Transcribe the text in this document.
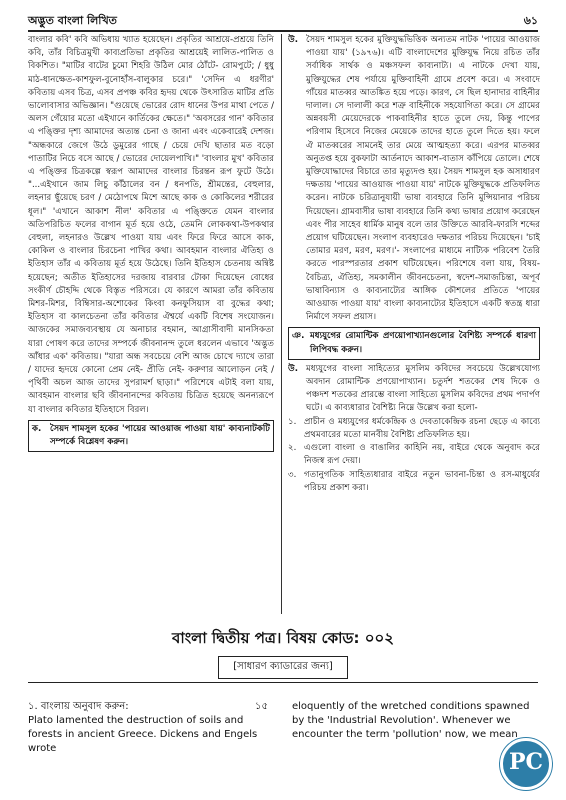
অদ্ভুত বাংলা লিখিত	৬১

বাংলার কবি' কবি অভিধায় খ্যাত হয়েছেন। প্রকৃতির আশ্রয়ে-প্রশ্রয়ে তিনি কবি, তাঁর বিচিত্রমুখী কাব্যপ্রতিভা প্রকৃতির আশ্রয়েই লালিত-পালিত ও বিকশিত। "মাটির বাটের চুমো শিহরি উঠিল মোর ঠোঁটে- রোমপুটে; / ধুধু মাঠ-ধানক্ষেত-কাশফুল-বুনোহাঁস-বালুকার চরে।" 'সেদিন এ ধরণীর' কবিতায় এসব চিত্র, এসব প্রপঞ্চ কবির হৃদয় থেকে উৎসারিত মাটির প্রতি ভালোবাসার অভিজ্ঞান। "গুয়েছে ভোরের রোদ ধানের উপর মাথা পেতে / অলস গেঁয়োর মতো এইখানে কার্তিকের ক্ষেতে।" 'অবসরের গান' কবিতার এ পঙ্ক্তির দৃশ্য আমাদের অত্যন্ত চেনা ও জানা এবং একেবারেই দেশজ। "অন্ধকারে জেগে উঠে ডুমুরের গাছে / চেয়ে দেখি ছাতার মত বড়ো পাতাটির নিচে বসে আছে / ভোরের দোয়েলপাখি।" 'বাংলার মুখ' কবিতার এ পঙ্ক্তির চিত্রকল্পে স্বরূপ আমাদের বাংলার চিরন্তন রূপ ফুটে উঠে। "...এইখানে জাম লিচু কাঁঠালের বন / ধনপতি, শ্রীমন্তের, বেহুলার, লহনার ছুঁয়েছে চরণ / মেঠোপথে মিশে আছে কাক ও কোকিলের শরীরের ধূল।" 'এখানে আকাশ নীল' কবিতার এ পঙ্ক্তিতে যেমন বাংলার অতিপরিচিত ফলের বাগান মূর্ত হয়ে ওঠে, তেমনি লোককথা-উপকথার বেহুলা, লহনারও উল্লেখ পাওয়া যায় এবং ফিরে ফিরে আসে কাক, কোকিল ও বাংলার চিরচেনা পাখির কথা। আবহমান বাংলার ঐতিহ্য ও ইতিহাস তাঁর এ কবিতায় মূর্ত হয়ে উঠেছে। তিনি ইতিহাস চেতনায় অন্বিষ্ট হয়েছেন; অতীত ইতিহাসের দরজায় বারবার টোকা দিয়েছেন বোধের সংকীর্ণ চৌহদ্দি থেকে বিস্তৃত পরিসরে। যে কারণে আমরা তাঁর কবিতায় মিশর-মিশর, বিম্বিসার-অশোকের কিংবা কনফুসিয়াস বা বুদ্ধের কথা; ইতিহাস বা কালচেতনা তাঁর কবিতার ঐশ্বর্যে একটি বিশেষ সংযোজন। আজকের সমাজব্যবস্থায় যে অনাচার বহমান, আগ্রাসীবাদী মানসিকতা যারা পোষণ করে তাদের সম্পর্কে জীবনানন্দ তুলে ধরলেন এভাবে 'অদ্ভুত আঁধার এক' কবিতায়। "যারা অন্ধ সবচেয়ে বেশি আজ চোখে দ্যাখে তারা / যাদের হৃদয়ে কোনো প্রেম নেই- প্রীতি নেই- করুণার আলোড়ন নেই / পৃথিবী অচল আজ তাদের সুপরামর্শ ছাড়া।" পরিশেষে এটাই বলা যায়, আবহমান বাংলার ছবি জীবনানন্দের কবিতায় চিত্রিত হয়েছে অনন্যরূপে যা বাংলার কবিতার ইতিহাসে বিরল।

ক.	সৈয়দ শামসুল হকের 'পায়ের আওয়াজ পাওয়া যায়' কাব্যনাটকটি সম্পর্কে বিশ্লেষণ করুন।
উ. সৈয়দ শামসুল হকের মুক্তিযুদ্ধভিত্তিক অন্যতম নাটক 'পায়ের আওয়াজ পাওয়া যায়' (১৯৭৬)। এটি বাংলাদেশের মুক্তিযুদ্ধ নিয়ে রচিত তাঁর সর্বাধিক সার্থক ও মঞ্চসফল কাব্যনাট্য। এ নাটকে দেখা যায়, মুক্তিযুদ্ধের শেষ পর্যায়ে মুক্তিবাহিনী গ্রামে প্রবেশ করে। এ সংবাদে গাঁয়ের মাতব্বর আতঙ্কিত হয়ে পড়ে। কারণ, সে ছিল হানাদার বাহিনীর দালাল। সে দালালী করে শত্রু বাহিনীকে সহযোগিতা করে। সে গ্রামের অন্নবয়সী মেয়েদেরকে পাকবাহিনীর হাতে তুলে দেয়, কিন্তু পাপের পরিণাম হিসেবে নিজের মেয়েকে তাদের হাতে তুলে দিতে হয়। ফলে ঐ মাতব্বরের সামনেই তার মেয়ে আত্মহত্যা করে। এরপর মাতব্বর অনুতপ্ত হয়ে বুকফাটা আর্তনাদে আকাশ-বাতাস কাঁপিয়ে তোলে। শেষে মুক্তিযোদ্ধাদের বিচারে তার মৃত্যুদণ্ড হয়। সৈয়দ শামসুল হক অসাধারণ দক্ষতায় 'পায়ের আওয়াজ পাওয়া যায়' নাটকে মুক্তিযুদ্ধকে প্রতিফলিত করেন। নাটকে চরিত্রানুযায়ী ভাষা ব্যবহারে তিনি মুন্সিয়ানার পরিচয় দিয়েছেন। গ্রামবাসীর ভাষা ব্যবহারে তিনি কথ্য ভাষার প্রয়োগ করেছেন এবং পীর সাহেব ধার্মিক মানুষ বলে তার উক্তিতে আরবি-ফারসি শব্দের প্রয়োগ ঘটিয়েছেন। সংলাপ ব্যবহারেও দক্ষতার পরিচয় দিয়েছেন। 'চাই তোমার মরণ, মরণ, মরণ।'- সংলাপের মাধ্যমে নাট্যিক পরিবেশ তৈরি করতে পারস্পরতার প্রকাশ ঘটিয়েছেন। পরিশেষে বলা যায়, বিষয়-বৈচিত্র্য, ঐতিহ্য, সমকালীন জীবনচেতনা, স্বদেশ-সমাজচিন্তা, অপূর্ব ভাষাবিন্যাস ও কাব্যনাট্যের আঙ্গিক কৌশলের প্রতিতে 'পায়ের আওয়াজ পাওয়া যায়' বাংলা কাব্যনাট্যের ইতিহাসে একটি স্বতন্ত্র ধারা নির্মাণে সফল প্রয়াস।
ঞ. মধ্যযুগের রোমান্টিক প্রণয়োপাখ্যানগুলোর বৈশিষ্ট্য সম্পর্কে ধারণা লিপিবদ্ধ করুন।
উ. মধ্যযুগের বাংলা সাহিত্যের মুসলিম কবিদের সবচেয়ে উল্লেখযোগ্য অবদান রোমান্টিক প্রণয়োপাখ্যান। চতুর্দশ শতকের শেষ দিকে ও পঞ্চদশ শতকের প্রারম্ভে বাংলা সাহিত্যে মুসলিম কবিদের প্রথম পদার্পণ ঘটে। এ কাব্যধারার বৈশিষ্ট্য নিম্নে উল্লেখ করা হলো-
১. প্রাচীন ও মধ্যযুগের ধর্মকেন্দ্রিক ও দেবতাকেন্দ্রিক রচনা ছেড়ে এ কাব্যে প্রথমবারের মতো মানবীয় বৈশিষ্ট্য প্রতিফলিত হয়।
২. এগুলো বাংলা ও বাঙালির কাহিনি নয়, বাইরে থেকে অনুবাদ করে নিজস্ব রূপ দেয়া।
৩. গতানুগতিক সাহিত্যধারার বাইরে নতুন ভাবনা-চিন্তা ও রস-মাধুর্যের পরিচয় প্রকাশ করা।
বাংলা দ্বিতীয় পত্র। বিষয় কোড: ০০২
[সাধারণ ক্যাডারের জন্য]
১. বাংলায় অনুবাদ করুন:	১৫
Plato lamented the destruction of soils and forests in ancient Greece. Dickens and Engels wrote
eloquently of the wretched conditions spawned by the 'Industrial Revolution'. Whenever we encounter the term 'pollution' now, we mean
PC
